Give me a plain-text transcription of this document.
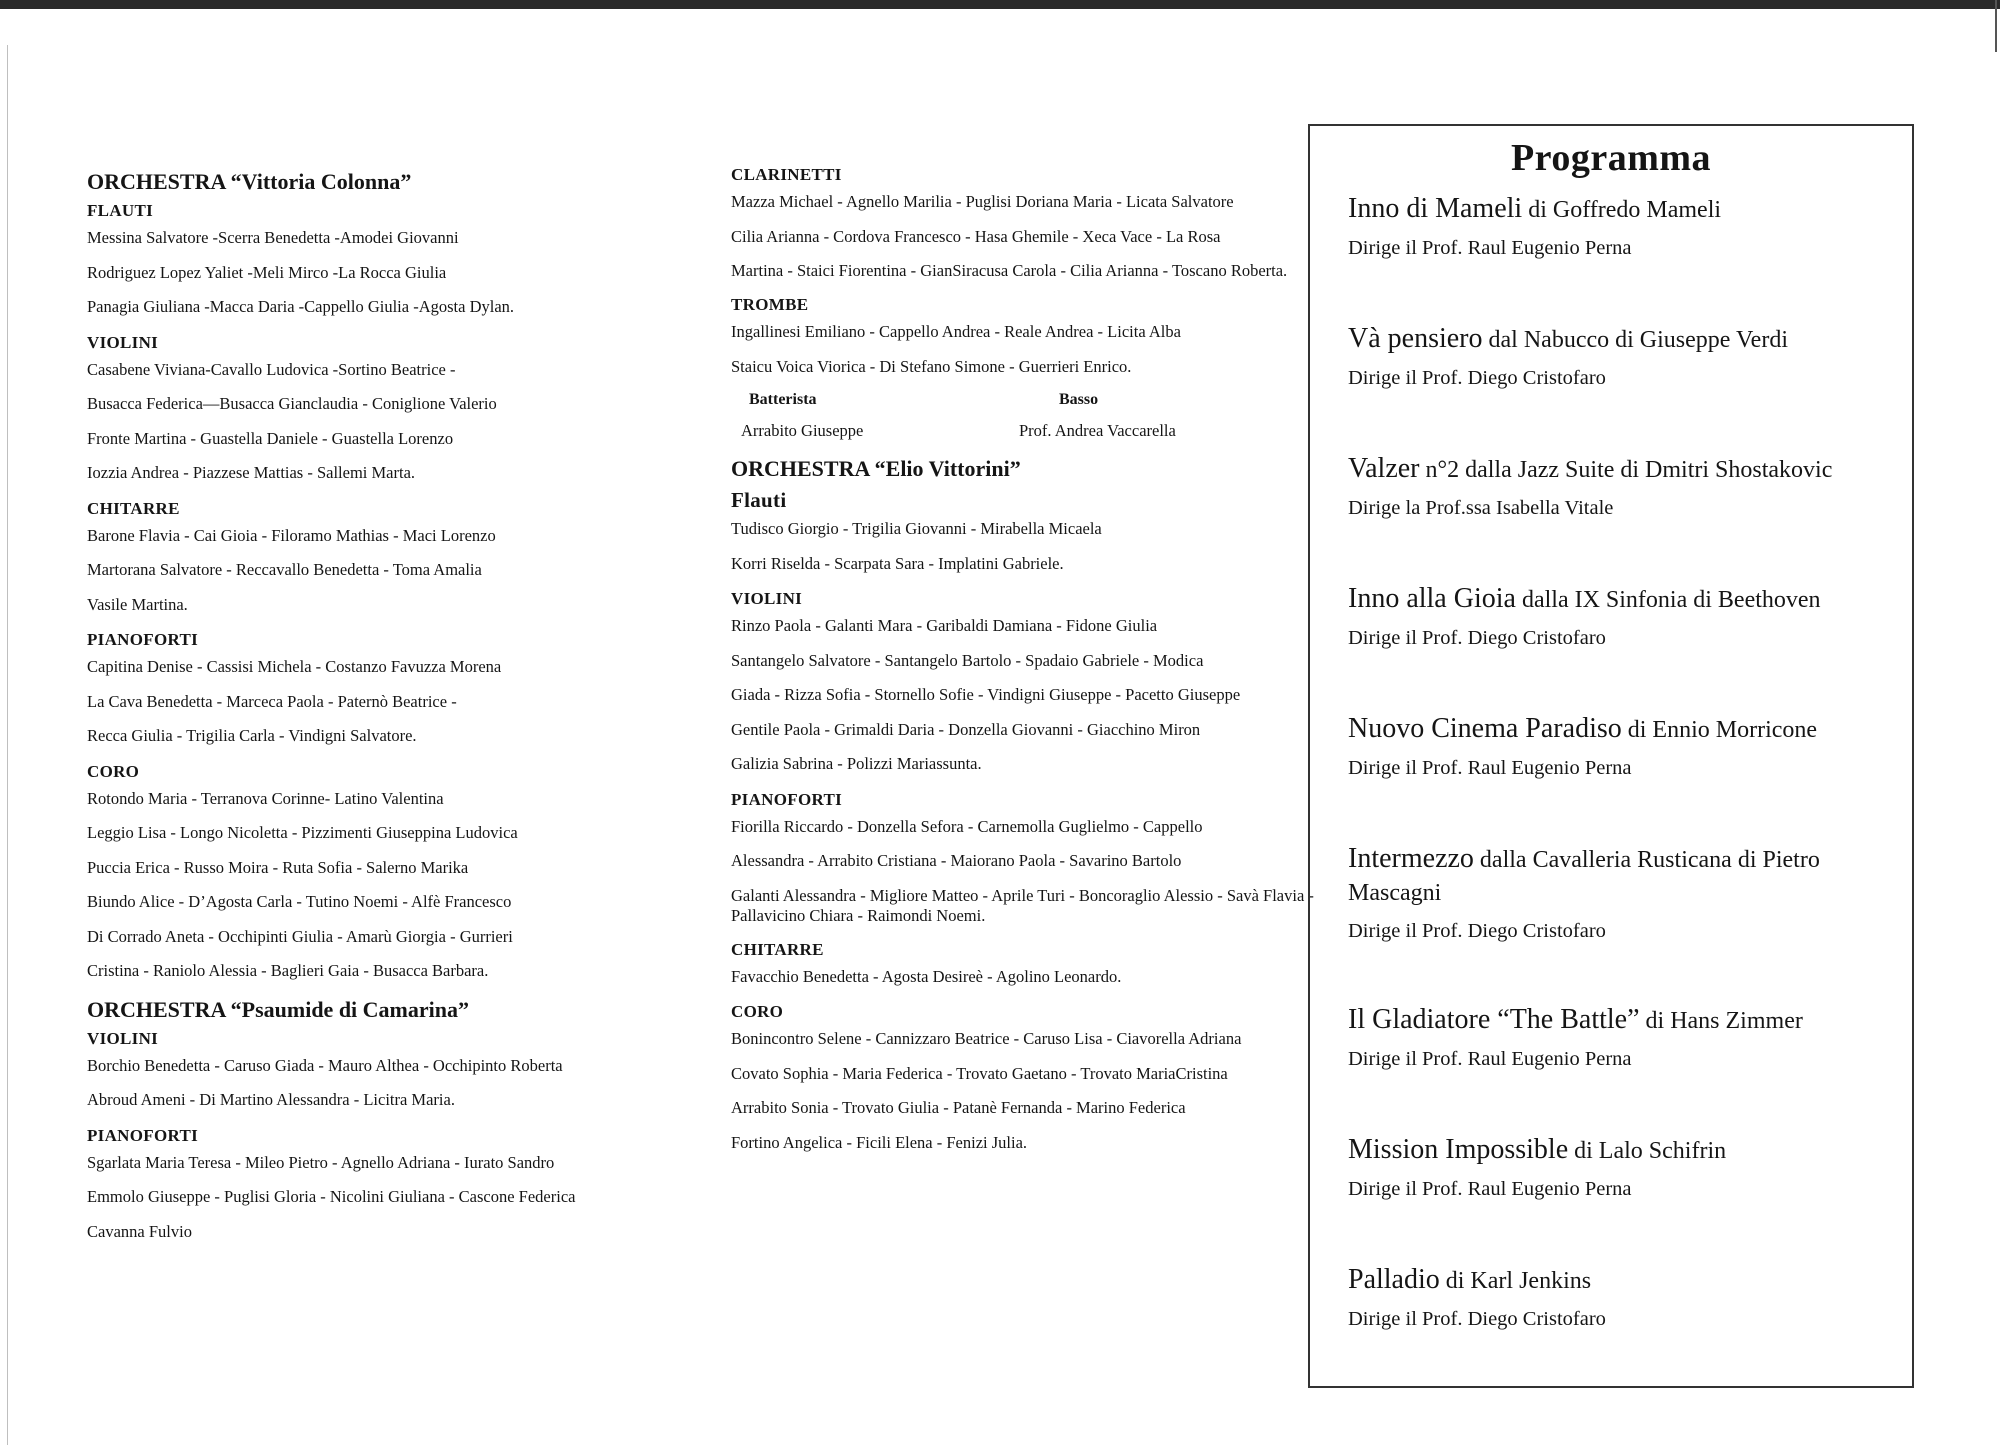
ORCHESTRA “Vittoria Colonna”
FLAUTI
Messina Salvatore -Scerra Benedetta -Amodei Giovanni
Rodriguez Lopez Yaliet -Meli Mirco -La Rocca Giulia
Panagia Giuliana -Macca Daria -Cappello Giulia -Agosta Dylan.
VIOLINI
Casabene Viviana-Cavallo Ludovica -Sortino Beatrice -
Busacca Federica—Busacca Gianclaudia - Coniglione Valerio
Fronte Martina - Guastella Daniele - Guastella Lorenzo
Iozzia Andrea - Piazzese Mattias - Sallemi Marta.
CHITARRE
Barone Flavia - Cai Gioia - Filoramo Mathias - Maci Lorenzo
Martorana Salvatore - Reccavallo Benedetta - Toma Amalia
Vasile Martina.
PIANOFORTI
Capitina Denise - Cassisi Michela - Costanzo Favuzza Morena
La Cava Benedetta - Marceca Paola - Paternò Beatrice -
Recca Giulia - Trigilia Carla - Vindigni Salvatore.
CORO
Rotondo Maria - Terranova Corinne- Latino Valentina
Leggio Lisa - Longo Nicoletta - Pizzimenti Giuseppina Ludovica
Puccia Erica - Russo Moira - Ruta Sofia - Salerno Marika
Biundo Alice - D’Agosta Carla - Tutino Noemi - Alfè Francesco
Di Corrado Aneta - Occhipinti Giulia - Amarù Giorgia - Gurrieri
Cristina - Raniolo Alessia - Baglieri Gaia - Busacca Barbara.
ORCHESTRA “Psaumide di Camarina”
VIOLINI
Borchio Benedetta - Caruso Giada - Mauro Althea - Occhipinto Roberta
Abroud Ameni - Di Martino Alessandra - Licitra Maria.
PIANOFORTI
Sgarlata Maria Teresa - Mileo Pietro - Agnello Adriana - Iurato Sandro
Emmolo Giuseppe - Puglisi Gloria - Nicolini Giuliana - Cascone Federica
Cavanna Fulvio
CLARINETTI
Mazza Michael - Agnello Marilia - Puglisi Doriana Maria - Licata Salvatore
Cilia Arianna - Cordova Francesco - Hasa Ghemile - Xeca Vace - La Rosa
Martina - Staici Fiorentina - GianSiracusa Carola - Cilia Arianna - Toscano Roberta.
TROMBE
Ingallinesi Emiliano - Cappello Andrea - Reale Andrea - Licita Alba
Staicu Voica Viorica - Di Stefano Simone - Guerrieri Enrico.
Batterista	Basso
Arrabito Giuseppe	Prof. Andrea Vaccarella
ORCHESTRA “Elio Vittorini”
Flauti
Tudisco Giorgio - Trigilia Giovanni - Mirabella Micaela
Korri Riselda - Scarpata Sara - Implatini Gabriele.
VIOLINI
Rinzo Paola - Galanti Mara - Garibaldi Damiana - Fidone Giulia
Santangelo Salvatore - Santangelo Bartolo - Spadaio Gabriele - Modica
Giada - Rizza Sofia - Stornello Sofie - Vindigni Giuseppe - Pacetto Giuseppe
Gentile Paola - Grimaldi Daria - Donzella Giovanni - Giacchino Miron
Galizia Sabrina - Polizzi Mariassunta.
PIANOFORTI
Fiorilla Riccardo - Donzella Sefora - Carnemolla Guglielmo - Cappello
Alessandra - Arrabito Cristiana - Maiorano Paola - Savarino Bartolo
Galanti Alessandra - Migliore Matteo - Aprile Turi - Boncoraglio Alessio - Savà Flavia - Pallavicino Chiara - Raimondi Noemi.
CHITARRE
Favacchio Benedetta - Agosta Desireè - Agolino Leonardo.
CORO
Bonincontro Selene - Cannizzaro Beatrice - Caruso Lisa - Ciavorella Adriana
Covato Sophia - Maria Federica - Trovato Gaetano - Trovato MariaCristina
Arrabito Sonia - Trovato Giulia - Patanè Fernanda - Marino Federica
Fortino Angelica - Ficili Elena - Fenizi Julia.
Programma
Inno di Mameli di Goffredo Mameli
Dirige il Prof. Raul Eugenio Perna
Và pensiero dal Nabucco di Giuseppe Verdi
Dirige il Prof. Diego Cristofaro
Valzer n°2 dalla Jazz Suite di Dmitri Shostakovic
Dirige la Prof.ssa Isabella Vitale
Inno alla Gioia dalla IX Sinfonia di Beethoven
Dirige il Prof. Diego Cristofaro
Nuovo Cinema Paradiso di Ennio Morricone
Dirige il Prof. Raul Eugenio Perna
Intermezzo dalla Cavalleria Rusticana di Pietro Mascagni
Dirige il Prof. Diego Cristofaro
Il Gladiatore “The Battle” di Hans Zimmer
Dirige il Prof. Raul Eugenio Perna
Mission Impossible di Lalo Schifrin
Dirige il Prof. Raul Eugenio Perna
Palladio di Karl Jenkins
Dirige il Prof. Diego Cristofaro
